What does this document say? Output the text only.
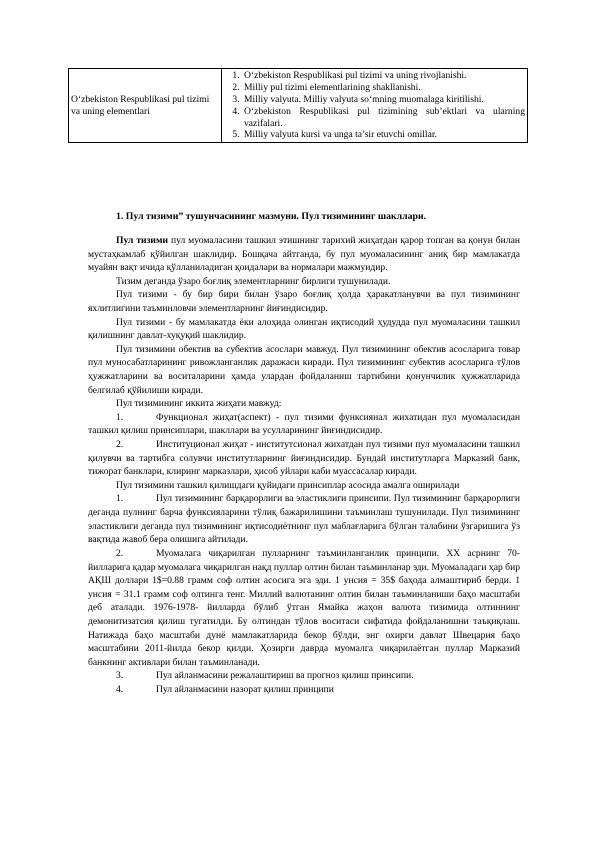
O‘zbekiston Respublikasi pul tizimi va uning elementlari	
1. O‘zbekiston Respublikasi pul tizimi va uning rivojlanishi.
2. Milliy pul tizimi elementlarining shakllanishi.
3. Milliy valyuta. Milliy valyuta so‘mning muomalaga kiritilishi.
4. O‘zbekiston Respublikasi pul tizimining sub’ektlari va ularning vazifalari.
5. Milliy valyuta kursi va unga ta’sir etuvchi omillar.

1. Пул тизими” тушунчасининг мазмуни. Пул тизимининг шакллари.

Пул тизими пул муомаласини ташкил этишнинг тарихий жиҳатдан қарор топган ва қонун билан мустаҳкамлаб қўйилган шаклидир. Бошқача айтганда, бу пул муомаласининг аниқ бир мамлакатда муайян вақт ичида қўлланиладиган қоидалари ва нормалари мажмуидир.

Тизим деганда ўзаро боғлиқ элементларнинг бирлиги тушунилади.

Пул тизими - бу бир бири билан ўзаро боғлиқ ҳолда ҳаракатланувчи ва пул тизимининг яхлитлигини таъминловчи элементларнинг йиғиндисидир.

Пул тизими - бу мамлакатда ёки алоҳида олинган иқтисодий ҳудудда пул муомаласини ташкил қилишнинг давлат-хуқуқий шаклидир.

Пул тизимини обектив ва субектив асослари мавжуд. Пул тизимининг обектив асосларига товар пул муносабатларининг ривожланганлик даражаси киради. Пул тизимининг субектив асосларига тўлов ҳужжатларини ва воситаларини ҳамда улардан фойдаланиш тартибини қонунчилик ҳужжатларида белгилаб қўйилиши киради.

Пул тизимининг иккита жиҳати мавжуд:

1.	Функционал жиҳат(аспект) - пул тизими функсиянал жихатидан пул муомаласидан ташкил қилиш принсиплари, шакллари ва усулларининг йиғиндисидир.

2.	Институционал жиҳат - институтсионал жихатдан пул тизими пул муомаласини ташкил қилувчи ва тартибга солувчи институтларнинг йиғиндисидир. Бундай институтларга Марказий банк, тижорат банклари, клиринг марказлари, ҳисоб уйлари каби муассасалар киради.

Пул тизимини ташкил қилишдаги қуйидаги принсиплар асосида амалга оширилади

1.	Пул тизимининг барқарорлиги ва эластиклиги принсипи. Пул тизимининг барқарорлиги деганда пулнинг барча функсияларини тўлиқ бажарилишини таъминлаш тушунилади. Пул тизимининг эластиклиги деганда пул тизимининг иқтисодиётнинг пул маблағларига бўлган талабини ўзгаришига ўз вақтида жавоб бера олишига айтилади.

2.	Муомалага чиқарилган пулларнинг таъминланганлик принципи. XX асрнинг 70-йилларига қадар муомалага чиқарилган нақд пуллар олтин билан таъминланар эди. Муомаладаги ҳар бир АҚШ доллари 1$=0.88 грамм соф олтин асосига эга эди. 1 унсия = 35$ баҳода алмаштириб берди. 1 унсия = 31.1 грамм соф олтинга тенг. Миллий валютанинг олтин билан таъминланиши баҳо масштаби деб аталади. 1976-1978- йилларда бўлиб ўтган Ямайка жаҳон валюта тизимида олтиннинг демонитизатсия қилиш тугатилди. Бу олтиндан тўлов воситаси сифатида фойдаланишни таъқиқлаш. Натижада баҳо масштаби дунё мамлакатларида бекор бўлди, энг охирги давлат Швецария баҳо масштабини 2011-йилда бекор қилди. Ҳозирги даврда муомалга чиқарилаётган пуллар Марказий банкнинг активлари билан таъминланади.

3.	Пул айланмасини режалаштириш ва прогноз қилиш принсипи.

4.	Пул айланмасини назорат қилиш принципи
